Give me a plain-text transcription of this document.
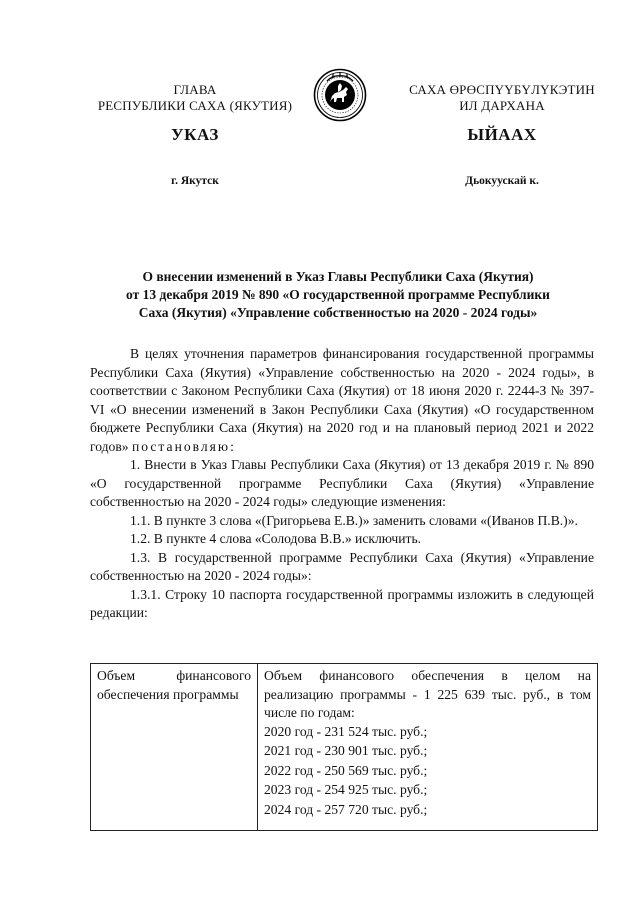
ГЛАВА
РЕСПУБЛИКИ САХА (ЯКУТИЯ)
САХА ӨРӨСПҮҮБҮЛҮКЭТИН
ИЛ ДАРХАНА
УКАЗ	ЫЙААХ
г. Якутск	Дьокуускай к.
О внесении изменений в Указ Главы Республики Саха (Якутия)
от 13 декабря 2019 № 890 «О государственной программе Республики
Саха (Якутия) «Управление собственностью на 2020 - 2024 годы»

В целях уточнения параметров финансирования государственной программы Республики Саха (Якутия) «Управление собственностью на 2020 - 2024 годы», в соответствии с Законом Республики Саха (Якутия) от 18 июня 2020 г. 2244-З № 397-VI «О внесении изменений в Закон Республики Саха (Якутия) «О государственном бюджете Республики Саха (Якутия) на 2020 год и на плановый период 2021 и 2022 годов» постановляю:

1. Внести в Указ Главы Республики Саха (Якутия) от 13 декабря 2019 г. № 890 «О государственной программе Республики Саха (Якутия) «Управление собственностью на 2020 - 2024 годы» следующие изменения:

1.1. В пункте 3 слова «(Григорьева Е.В.)» заменить словами «(Иванов П.В.)».

1.2. В пункте 4 слова «Солодова В.В.» исключить.

1.3. В государственной программе Республики Саха (Якутия) «Управление собственностью на 2020 - 2024 годы»:

1.3.1. Строку 10 паспорта государственной программы изложить в следующей редакции:

Объем финансового обеспечения программы
Объем финансового обеспечения в целом на реализацию программы - 1 225 639 тыс. руб., в том числе по годам:
2020 год - 231 524 тыс. руб.;
2021 год - 230 901 тыс. руб.;
2022 год - 250 569 тыс. руб.;
2023 год - 254 925 тыс. руб.;
2024 год - 257 720 тыс. руб.;
